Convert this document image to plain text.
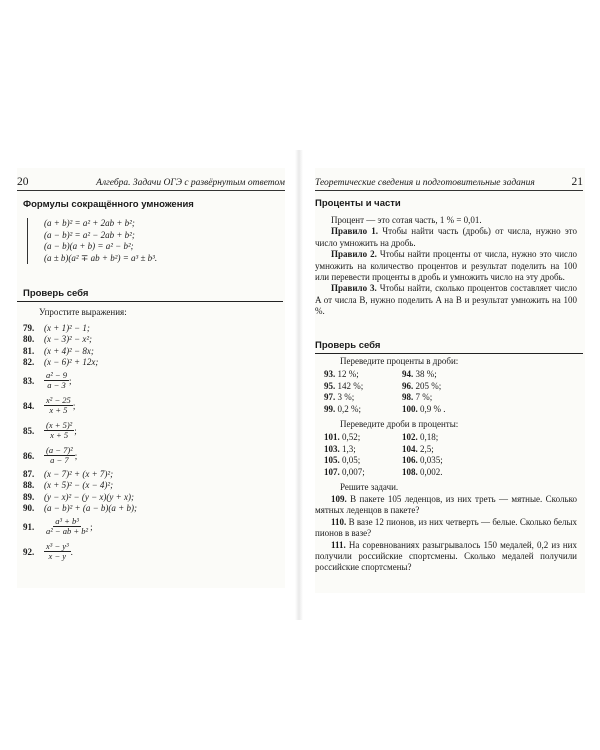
20	Алгебра. Задачи ОГЭ с развёрнутым ответом
Формулы сокращённого умножения
(a + b)² = a² + 2ab + b²;
(a − b)² = a² − 2ab + b²;
(a − b)(a + b) = a² − b²;
(a ± b)(a² ∓ ab + b²) = a³ ± b³.
Проверь себя
Упростите выражения:
79.	(x + 1)² − 1;
80.	(x − 3)² − x²;
81.	(x + 4)² − 8x;
82.	(x − 6)² + 12x;
83.	$\frac{\text{a² − 9}}{a - 3}$ ;
84.	$\frac{\text{x² − 25}}{x + 5}$ ;
85.	$\frac{\text{(x + 5)²}}{x + 5}$ ;
86.	$\frac{\text{(a − 7)²}}{a - 7}$ ;
87.	(x − 7)² + (x + 7)²;
88.	(x + 5)² − (x − 4)²;
89.	(y − x)² − (y − x)(y + x);
90.	(a − b)² + (a − b)(a + b);
91.	$\frac{\text{a³ + b³}}{\text{a² − ab + b²}}$ ;
92.	$\frac{\text{x³ − y³}}{x - y}$ .
Теоретические сведения и подготовительные задания	21
Проценты и части
Процент — это сотая часть, 1 % = 0,01.
Правило 1. Чтобы найти часть (дробь) от числа, нужно это число умножить на дробь.
Правило 2. Чтобы найти проценты от числа, нужно это число умножить на количество процентов и результат поделить на 100 или перевести проценты в дробь и умножить число на эту дробь.
Правило 3. Чтобы найти, сколько процентов составляет число A от числа B, нужно поделить A на B и результат умножить на 100 %.
Проверь себя
Переведите проценты в дроби:
93. 12 %;	94. 38 %;
95. 142 %;	96. 205 %;
97. 3 %;	98. 7 %;
99. 0,2 %;	100. 0,9 % .
Переведите дроби в проценты:
101. 0,52;	102. 0,18;
103. 1,3;	104. 2,5;
105. 0,05;	106. 0,035;
107. 0,007;	108. 0,002.
Решите задачи.
109. В пакете 105 леденцов, из них треть — мятные. Сколько мятных леденцов в пакете?
110. В вазе 12 пионов, из них четверть — белые. Сколько белых пионов в вазе?
111. На соревнованиях разыгрывалось 150 медалей, 0,2 из них получили российские спортсмены. Сколько медалей получили российские спортсмены?
